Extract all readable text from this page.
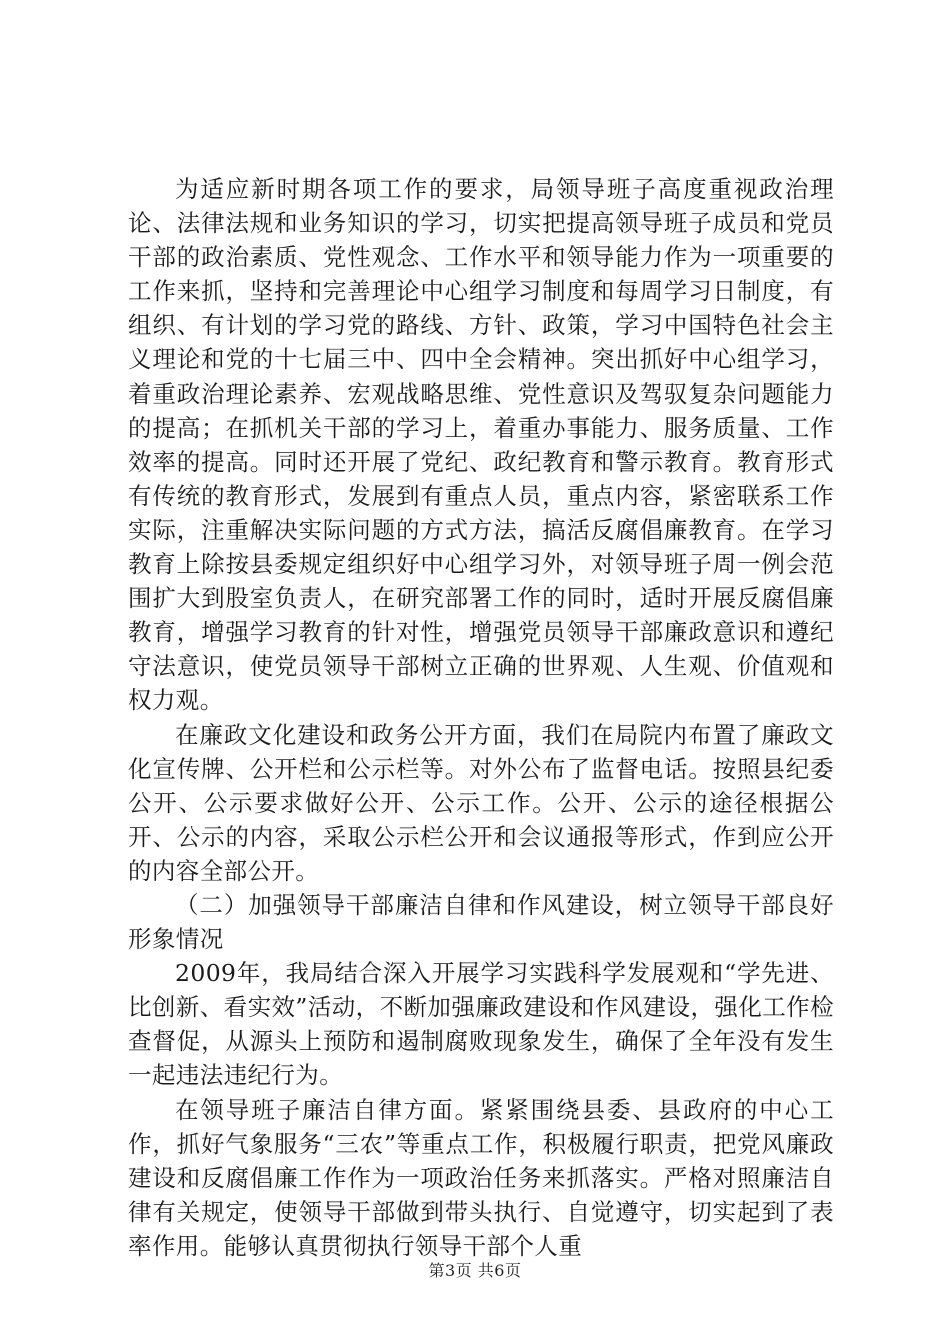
为适应新时期各项工作的要求，局领导班子高度重视政治理论、法律法规和业务知识的学习，切实把提高领导班子成员和党员干部的政治素质、党性观念、工作水平和领导能力作为一项重要的工作来抓，坚持和完善理论中心组学习制度和每周学习日制度，有组织、有计划的学习党的路线、方针、政策，学习中国特色社会主义理论和党的十七届三中、四中全会精神。突出抓好中心组学习，着重政治理论素养、宏观战略思维、党性意识及驾驭复杂问题能力的提高；在抓机关干部的学习上，着重办事能力、服务质量、工作效率的提高。同时还开展了党纪、政纪教育和警示教育。教育形式有传统的教育形式，发展到有重点人员，重点内容，紧密联系工作实际，注重解决实际问题的方式方法，搞活反腐倡廉教育。在学习教育上除按县委规定组织好中心组学习外，对领导班子周一例会范围扩大到股室负责人，在研究部署工作的同时，适时开展反腐倡廉教育，增强学习教育的针对性，增强党员领导干部廉政意识和遵纪守法意识，使党员领导干部树立正确的世界观、人生观、价值观和权力观。

在廉政文化建设和政务公开方面，我们在局院内布置了廉政文化宣传牌、公开栏和公示栏等。对外公布了监督电话。按照县纪委公开、公示要求做好公开、公示工作。公开、公示的途径根据公开、公示的内容，采取公示栏公开和会议通报等形式，作到应公开的内容全部公开。

（二）加强领导干部廉洁自律和作风建设，树立领导干部良好形象情况

2009年，我局结合深入开展学习实践科学发展观和“学先进、比创新、看实效”活动，不断加强廉政建设和作风建设，强化工作检查督促，从源头上预防和遏制腐败现象发生，确保了全年没有发生一起违法违纪行为。

在领导班子廉洁自律方面。紧紧围绕县委、县政府的中心工作，抓好气象服务“三农”等重点工作，积极履行职责，把党风廉政建设和反腐倡廉工作作为一项政治任务来抓落实。严格对照廉洁自律有关规定，使领导干部做到带头执行、自觉遵守，切实起到了表率作用。能够认真贯彻执行领导干部个人重

第3页 共6页
